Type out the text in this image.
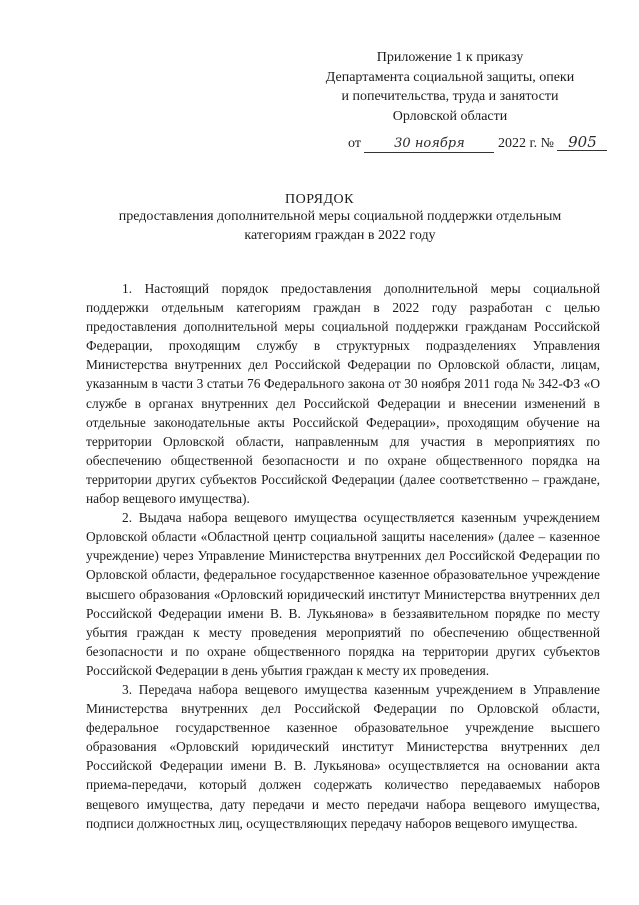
Приложение 1 к приказу
Департамента социальной защиты, опеки
и попечительства, труда и занятости
Орловской области
от	30 ноября 2022 г. № 905
ПОРЯДОК
предоставления дополнительной меры социальной поддержки отдельным категориям граждан в 2022 году

1. Настоящий порядок предоставления дополнительной меры социальной поддержки отдельным категориям граждан в 2022 году разработан с целью предоставления дополнительной меры социальной поддержки гражданам Российской Федерации, проходящим службу в структурных подразделениях Управления Министерства внутренних дел Российской Федерации по Орловской области, лицам, указанным в части 3 статьи 76 Федерального закона от 30 ноября 2011 года № 342-ФЗ «О службе в органах внутренних дел Российской Федерации и внесении изменений в отдельные законодательные акты Российской Федерации», проходящим обучение на территории Орловской области, направленным для участия в мероприятиях по обеспечению общественной безопасности и по охране общественного порядка на территории других субъектов Российской Федерации (далее соответственно – граждане, набор вещевого имущества).

2. Выдача набора вещевого имущества осуществляется казенным учреждением Орловской области «Областной центр социальной защиты населения» (далее – казенное учреждение) через Управление Министерства внутренних дел Российской Федерации по Орловской области, федеральное государственное казенное образовательное учреждение высшего образования «Орловский юридический институт Министерства внутренних дел Российской Федерации имени В. В. Лукьянова» в беззаявительном порядке по месту убытия граждан к месту проведения мероприятий по обеспечению общественной безопасности и по охране общественного порядка на территории других субъектов Российской Федерации в день убытия граждан к месту их проведения.

3. Передача набора вещевого имущества казенным учреждением в Управление Министерства внутренних дел Российской Федерации по Орловской области, федеральное государственное казенное образовательное учреждение высшего образования «Орловский юридический институт Министерства внутренних дел Российской Федерации имени В. В. Лукьянова» осуществляется на основании акта приема-передачи, который должен содержать количество передаваемых наборов вещевого имущества, дату передачи и место передачи набора вещевого имущества, подписи должностных лиц, осуществляющих передачу наборов вещевого имущества.
